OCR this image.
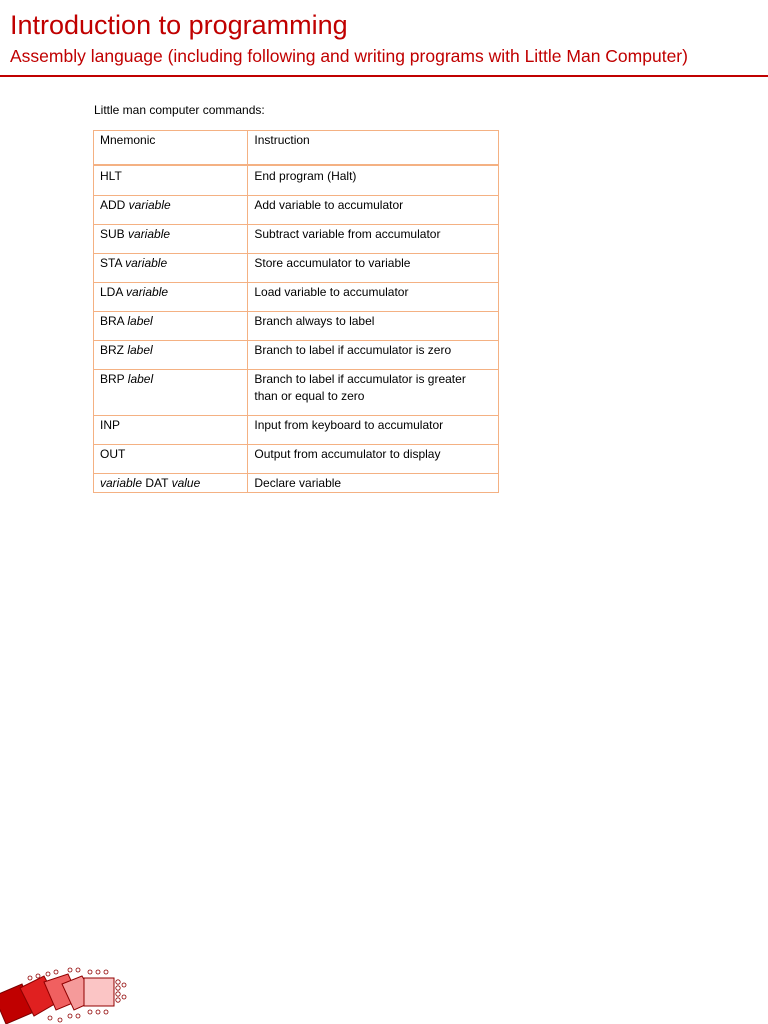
Introduction to programming
Assembly language (including following and writing programs with Little Man Computer)
Little man computer commands:
Mnemonic	Instruction
HLT	End program (Halt)
ADD variable	Add variable to accumulator
SUB variable	Subtract variable from accumulator
STA variable	Store accumulator to variable
LDA variable	Load variable to accumulator
BRA label	Branch always to label
BRZ label	Branch to label if accumulator is zero
BRP label	Branch to label if accumulator is greater than or equal to zero
INP	Input from keyboard to accumulator
OUT	Output from accumulator to display
variable DAT value	Declare variable
